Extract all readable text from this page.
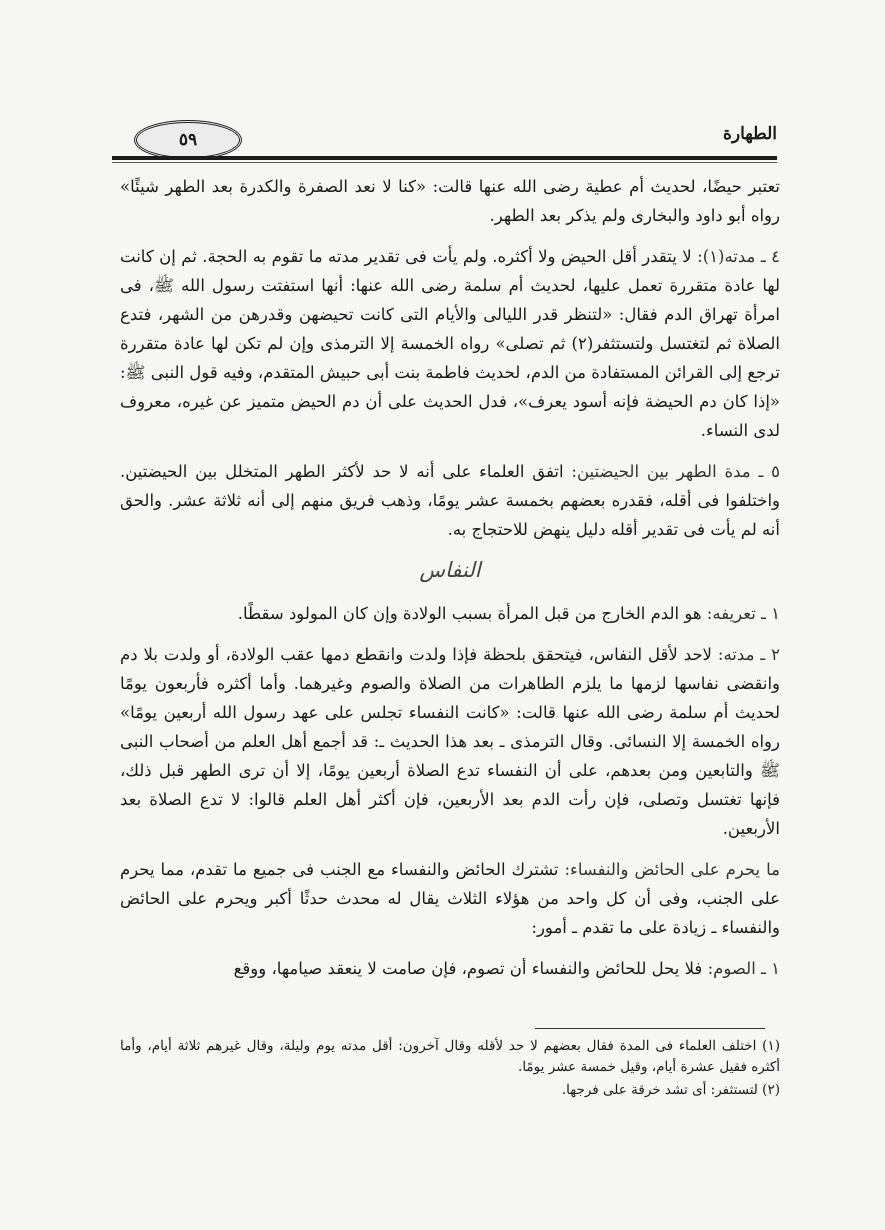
الطهارة
٥٩

تعتبر حيضًا، لحديث أم عطية رضى الله عنها قالت: «كنا لا نعد الصفرة والكدرة بعد الطهر شيئًا» رواه أبو داود والبخارى ولم يذكر بعد الطهر.

٤ ـ مدته(١): لا يتقدر أقل الحيض ولا أكثره. ولم يأت فى تقدير مدته ما تقوم به الحجة. ثم إن كانت لها عادة متقررة تعمل عليها، لحديث أم سلمة رضى الله عنها: أنها استفتت رسول الله ﷺ، فى امرأة تهراق الدم فقال: «لتنظر قدر الليالى والأيام التى كانت تحيضهن وقدرهن من الشهر، فتدع الصلاة ثم لتغتسل ولتستثفر(٢) ثم تصلى» رواه الخمسة إلا الترمذى وإن لم تكن لها عادة متقررة ترجع إلى القرائن المستفادة من الدم، لحديث فاطمة بنت أبى حبيش المتقدم، وفيه قول النبى ﷺ: «إذا كان دم الحيضة فإنه أسود يعرف»، فدل الحديث على أن دم الحيض متميز عن غيره، معروف لدى النساء.

٥ ـ مدة الطهر بين الحيضتين: اتفق العلماء على أنه لا حد لأكثر الطهر المتخلل بين الحيضتين. واختلفوا فى أقله، فقدره بعضهم بخمسة عشر يومًا، وذهب فريق منهم إلى أنه ثلاثة عشر. والحق أنه لم يأت فى تقدير أقله دليل ينهض للاحتجاج به.

النفاس

١ ـ تعريفه: هو الدم الخارج من قبل المرأة بسبب الولادة وإن كان المولود سقطًا.

٢ ـ مدته: لاحد لأقل النفاس، فيتحقق بلحظة فإذا ولدت وانقطع دمها عقب الولادة، أو ولدت بلا دم وانقضى نفاسها لزمها ما يلزم الطاهرات من الصلاة والصوم وغيرهما. وأما أكثره فأربعون يومًا لحديث أم سلمة رضى الله عنها قالت: «كانت النفساء تجلس على عهد رسول الله أربعين يومًا» رواه الخمسة إلا النسائى. وقال الترمذى ـ بعد هذا الحديث ـ: قد أجمع أهل العلم من أصحاب النبى ﷺ والتابعين ومن بعدهم، على أن النفساء تدع الصلاة أربعين يومًا، إلا أن ترى الطهر قبل ذلك، فإنها تغتسل وتصلى، فإن رأت الدم بعد الأربعين، فإن أكثر أهل العلم قالوا: لا تدع الصلاة بعد الأربعين.

ما يحرم على الحائض والنفساء: تشترك الحائض والنفساء مع الجنب فى جميع ما تقدم، مما يحرم على الجنب، وفى أن كل واحد من هؤلاء الثلاث يقال له محدث حدثًا أكبر ويحرم على الحائض والنفساء ـ زيادة على ما تقدم ـ أمور:

١ ـ الصوم: فلا يحل للحائض والنفساء أن تصوم، فإن صامت لا ينعقد صيامها، ووقع

(١) اختلف العلماء فى المدة فقال بعضهم لا حد لأقله وقال آخرون: أقل مدته يوم وليلة، وقال غيرهم ثلاثة أيام، وأما أكثره فقيل عشرة أيام، وقيل خمسة عشر يومًا.

(٢) لتستثفر: أى تشد خرقة على فرجها.
